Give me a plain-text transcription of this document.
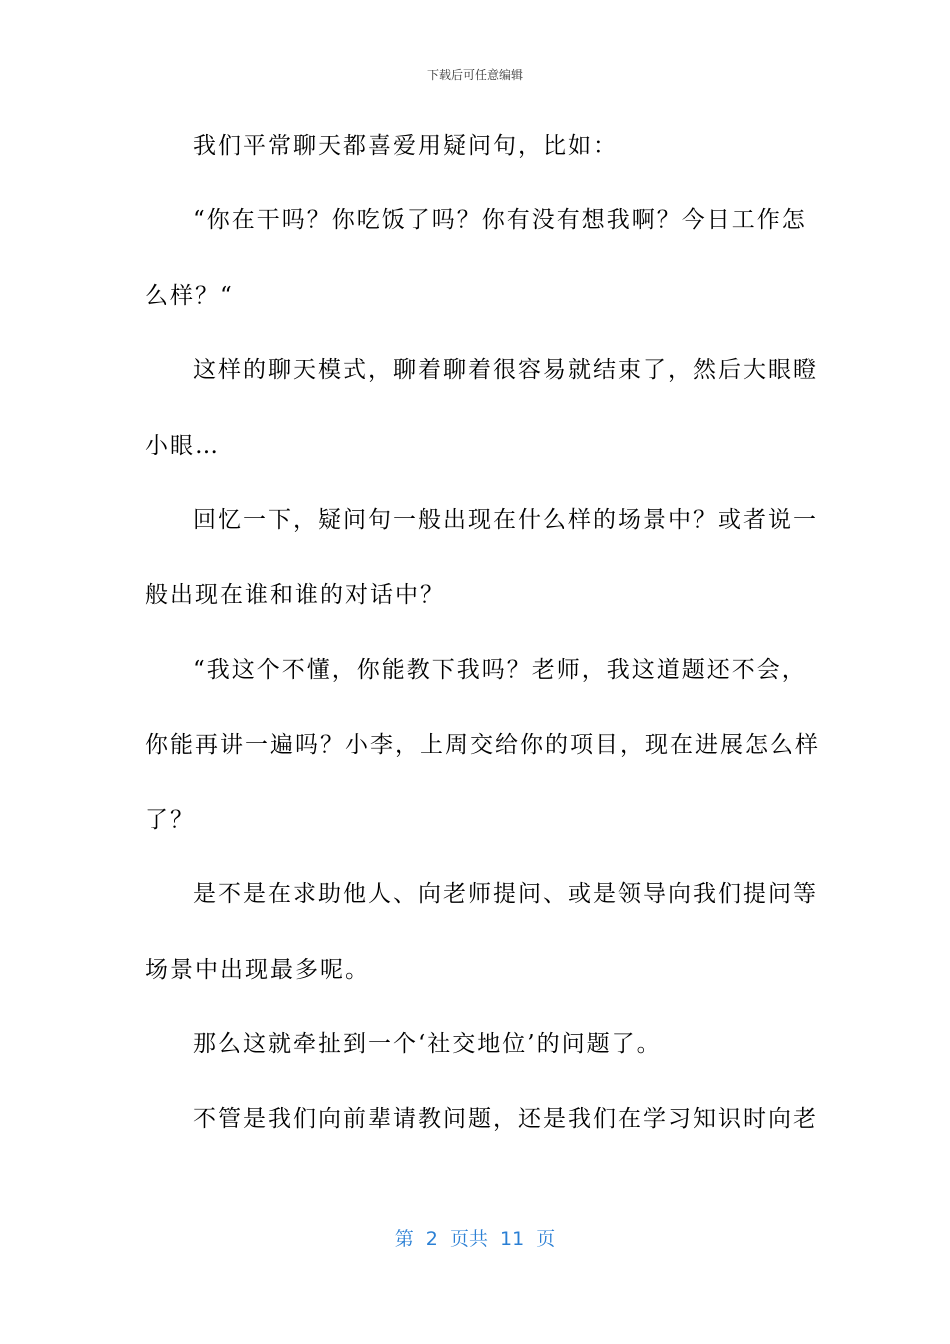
下载后可任意编辑
我们平常聊天都喜爱用疑问句，比如：
“你在干吗？你吃饭了吗？你有没有想我啊？今日工作怎
么样？“
这样的聊天模式，聊着聊着很容易就结束了，然后大眼瞪
小眼…
回忆一下，疑问句一般出现在什么样的场景中？或者说一
般出现在谁和谁的对话中？
“我这个不懂，你能教下我吗？老师，我这道题还不会，
你能再讲一遍吗？小李，上周交给你的项目，现在进展怎么样
了？
是不是在求助他人、向老师提问、或是领导向我们提问等
场景中出现最多呢。
那么这就牵扯到一个‘社交地位’的问题了。
不管是我们向前辈请教问题，还是我们在学习知识时向老
第  2  页共  11  页
